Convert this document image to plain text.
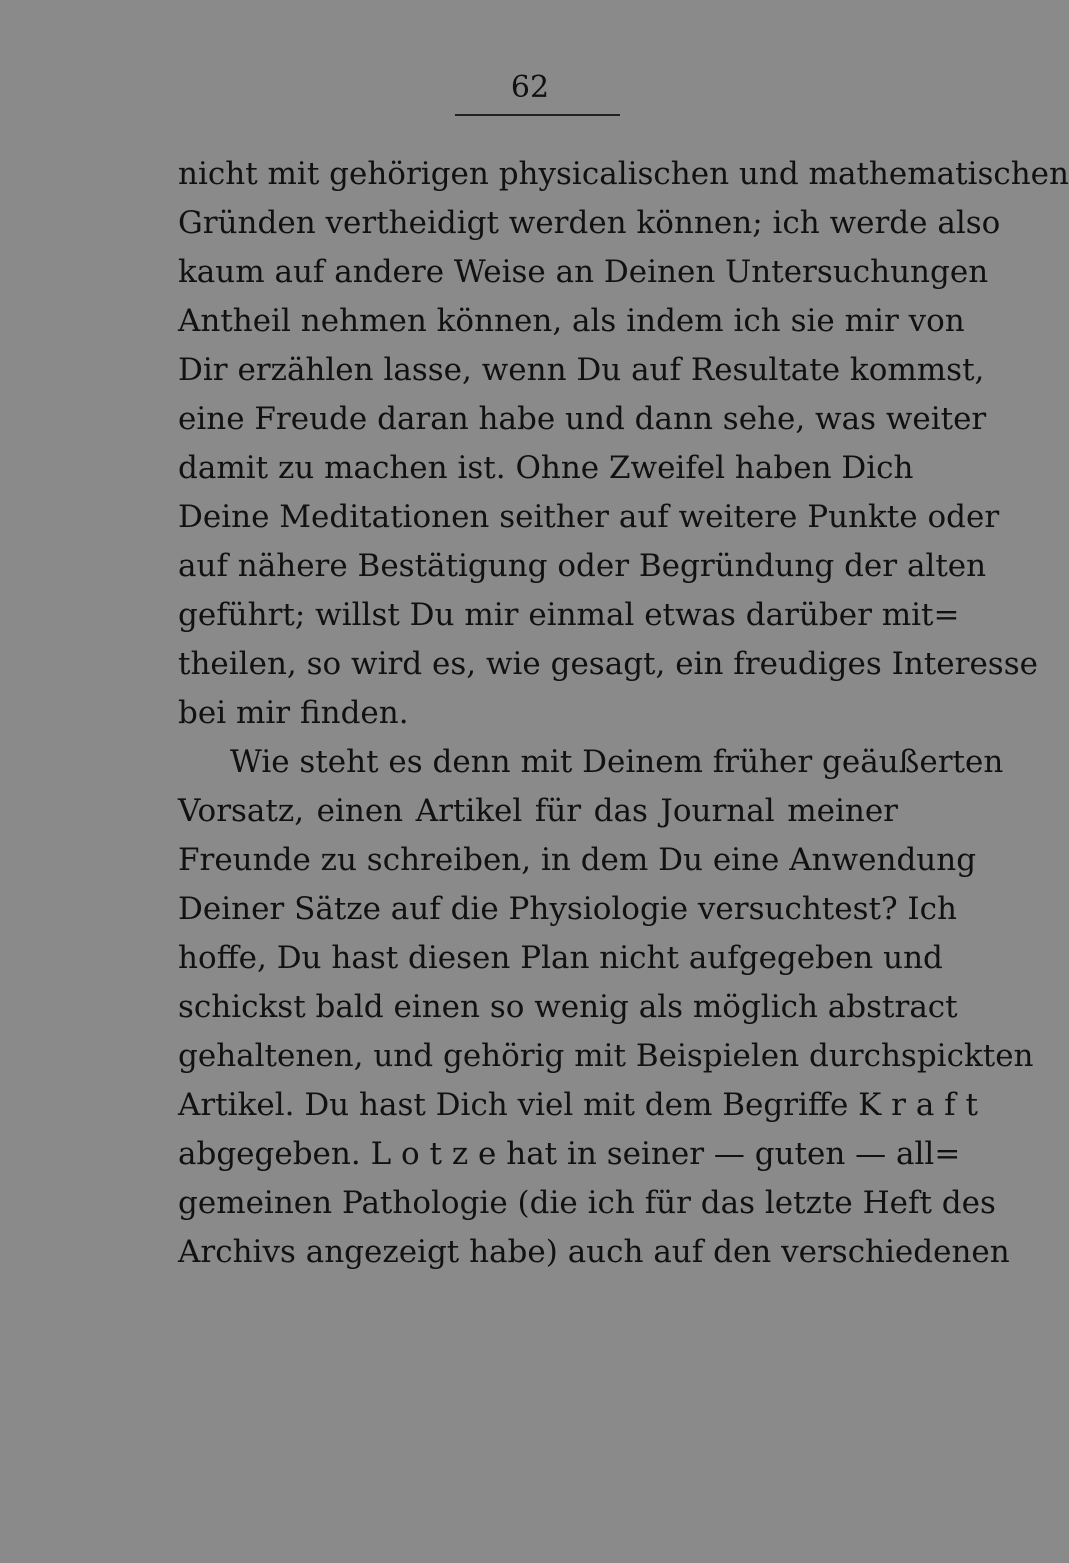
62
nicht mit gehörigen physicalischen und mathematischen
Gründen vertheidigt werden können; ich werde also
kaum auf andere Weise an Deinen Untersuchungen
Antheil nehmen können, als indem ich sie mir von
Dir erzählen lasse, wenn Du auf Resultate kommst,
eine Freude daran habe und dann sehe, was weiter
damit zu machen ist. Ohne Zweifel haben Dich
Deine Meditationen seither auf weitere Punkte oder
auf nähere Bestätigung oder Begründung der alten
geführt; willst Du mir einmal etwas darüber mit=
theilen, so wird es, wie gesagt, ein freudiges Interesse
bei mir finden.
Wie steht es denn mit Deinem früher geäußerten
Vorsatz, einen Artikel für das Journal meiner
Freunde zu schreiben, in dem Du eine Anwendung
Deiner Sätze auf die Physiologie versuchtest? Ich
hoffe, Du hast diesen Plan nicht aufgegeben und
schickst bald einen so wenig als möglich abstract
gehaltenen, und gehörig mit Beispielen durchspickten
Artikel. Du hast Dich viel mit dem Begriffe K r a f t
abgegeben. L o t z e hat in seiner — guten — all=
gemeinen Pathologie (die ich für das letzte Heft des
Archivs angezeigt habe) auch auf den verschiedenen
